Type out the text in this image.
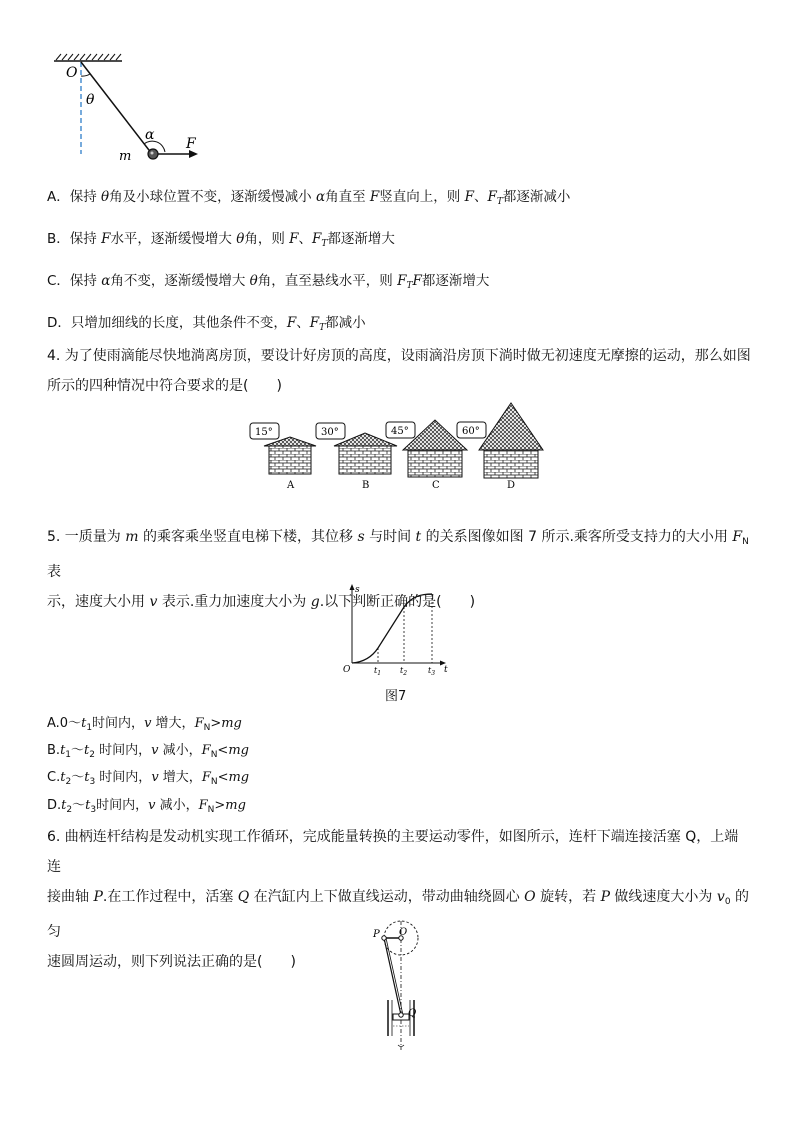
O
θ
α
F
m
A．保持 θ角及小球位置不变，逐渐缓慢减小 α角直至 F竖直向上，则 F、$F_T$都逐渐减小
B．保持 F水平，逐渐缓慢增大 θ角，则 F、$F_T$都逐渐增大
C．保持 α角不变，逐渐缓慢增大 θ角，直至悬线水平，则 $F_TF$都逐渐增大
D．只增加细线的长度，其他条件不变，F、$F_T$都减小
4. 为了使雨滴能尽快地淌离房顶，要设计好房顶的高度，设雨滴沿房顶下淌时做无初速度无摩擦的运动，那么如图
所示的四种情况中符合要求的是(　　)
15°
A
30°
B
45°
C
60°
D
5. 一质量为 m 的乘客乘坐竖直电梯下楼，其位移 s 与时间 t 的关系图像如图 7 所示.乘客所受支持力的大小用 $F_N$表
示，速度大小用 v 表示.重力加速度大小为 g.以下判断正确的是(　　)
s
t
O	$t_1$ $t_2$	$t_3$
图7
$A.0\sim t_1$时间内，v 增大，$F_N>mg$
$B.t_1\sim t_2$ 时间内，v 减小，$F_N<mg$
$C.t_2\sim t_3$ 时间内，v 增大，$F_N<mg$
$D.t_2\sim t_3$时间内，v 减小，$F_N>mg$
6. 曲柄连杆结构是发动机实现工作循环，完成能量转换的主要运动零件，如图所示，连杆下端连接活塞 Q，上端连
接曲轴 P.在工作过程中，活塞 Q 在汽缸内上下做直线运动，带动曲轴绕圆心 O 旋转，若 P 做线速度大小为 $v_0$ 的匀
速圆周运动，则下列说法正确的是(　　)
P O
Q
